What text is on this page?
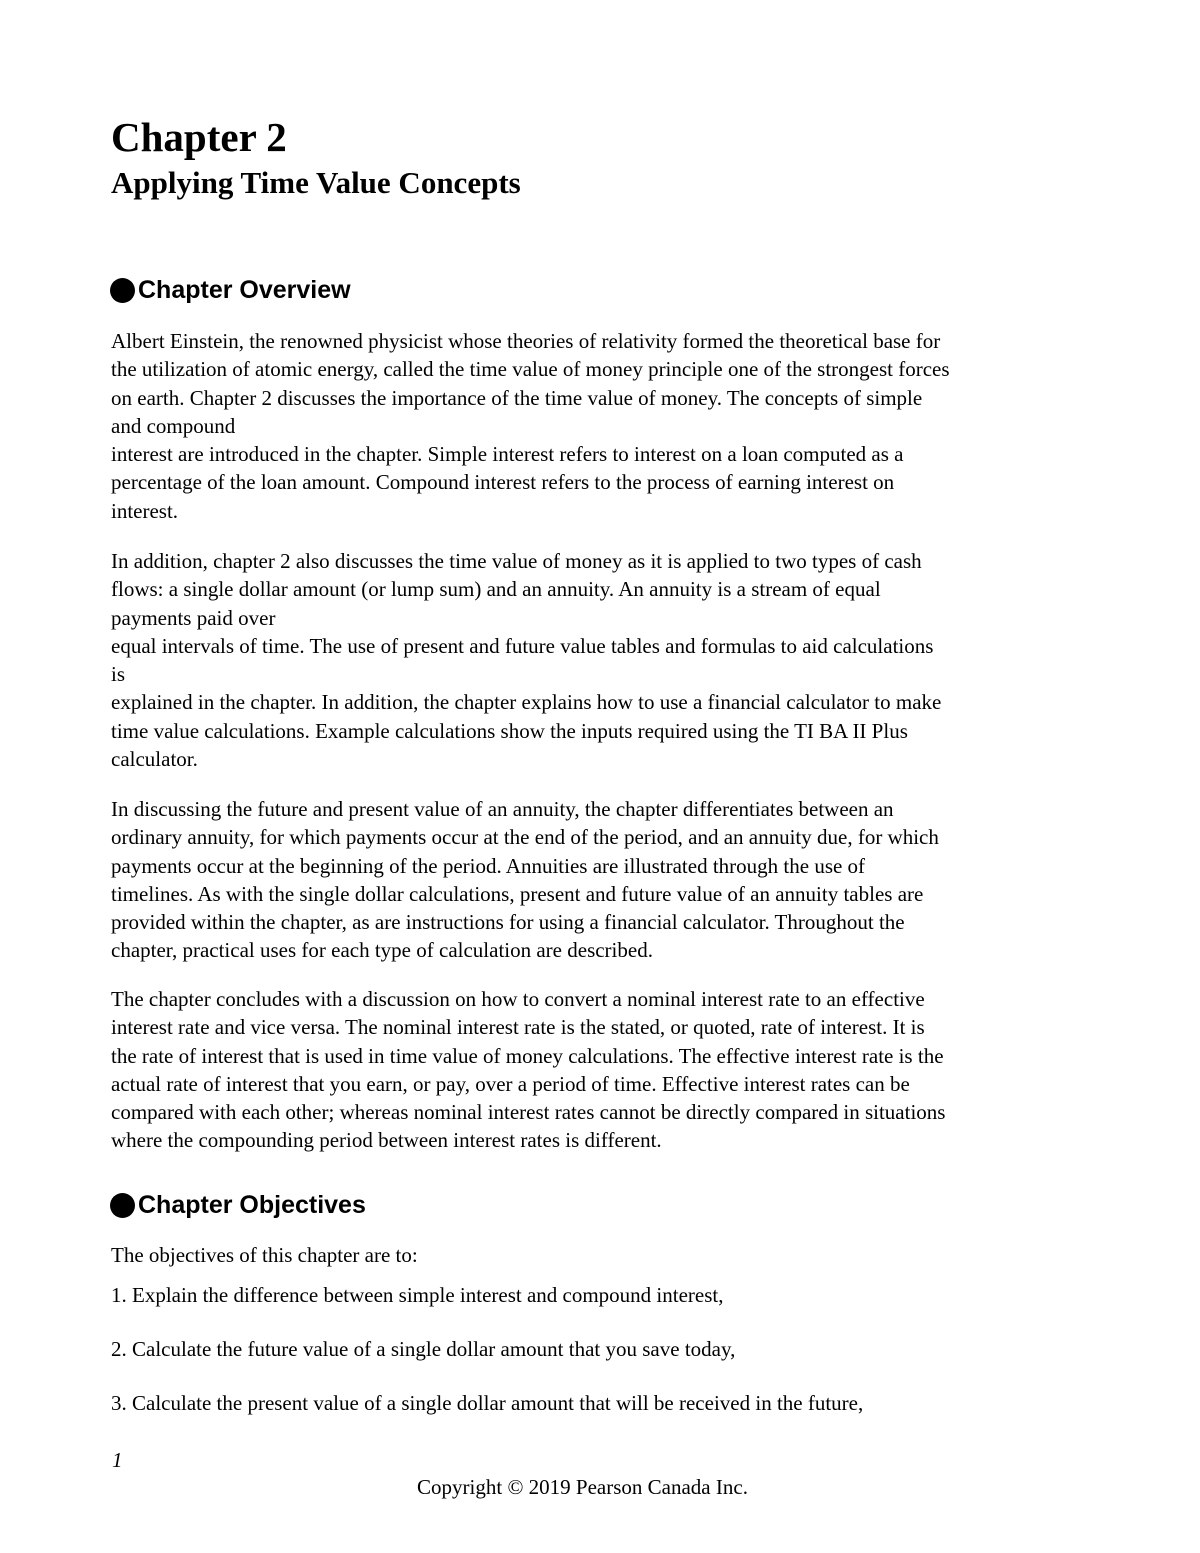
Chapter 2
Applying Time Value Concepts
Chapter Overview
Albert Einstein, the renowned physicist whose theories of relativity formed the theoretical base for
the utilization of atomic energy, called the time value of money principle one of the strongest forces
on earth. Chapter 2 discusses the importance of the time value of money. The concepts of simple
and compound
interest are introduced in the chapter. Simple interest refers to interest on a loan computed as a
percentage of the loan amount. Compound interest refers to the process of earning interest on
interest.
In addition, chapter 2 also discusses the time value of money as it is applied to two types of cash
flows: a single dollar amount (or lump sum) and an annuity. An annuity is a stream of equal
payments paid over
equal intervals of time. The use of present and future value tables and formulas to aid calculations
is
explained in the chapter. In addition, the chapter explains how to use a financial calculator to make
time value calculations. Example calculations show the inputs required using the TI BA II Plus
calculator.
In discussing the future and present value of an annuity, the chapter differentiates between an
ordinary annuity, for which payments occur at the end of the period, and an annuity due, for which
payments occur at the beginning of the period. Annuities are illustrated through the use of
timelines. As with the single dollar calculations, present and future value of an annuity tables are
provided within the chapter, as are instructions for using a financial calculator. Throughout the
chapter, practical uses for each type of calculation are described.
The chapter concludes with a discussion on how to convert a nominal interest rate to an effective
interest rate and vice versa. The nominal interest rate is the stated, or quoted, rate of interest. It is
the rate of interest that is used in time value of money calculations. The effective interest rate is the
actual rate of interest that you earn, or pay, over a period of time. Effective interest rates can be
compared with each other; whereas nominal interest rates cannot be directly compared in situations
where the compounding period between interest rates is different.
Chapter Objectives
The objectives of this chapter are to:
1. Explain the difference between simple interest and compound interest,
2. Calculate the future value of a single dollar amount that you save today,
3. Calculate the present value of a single dollar amount that will be received in the future,
1
Copyright © 2019 Pearson Canada Inc.
